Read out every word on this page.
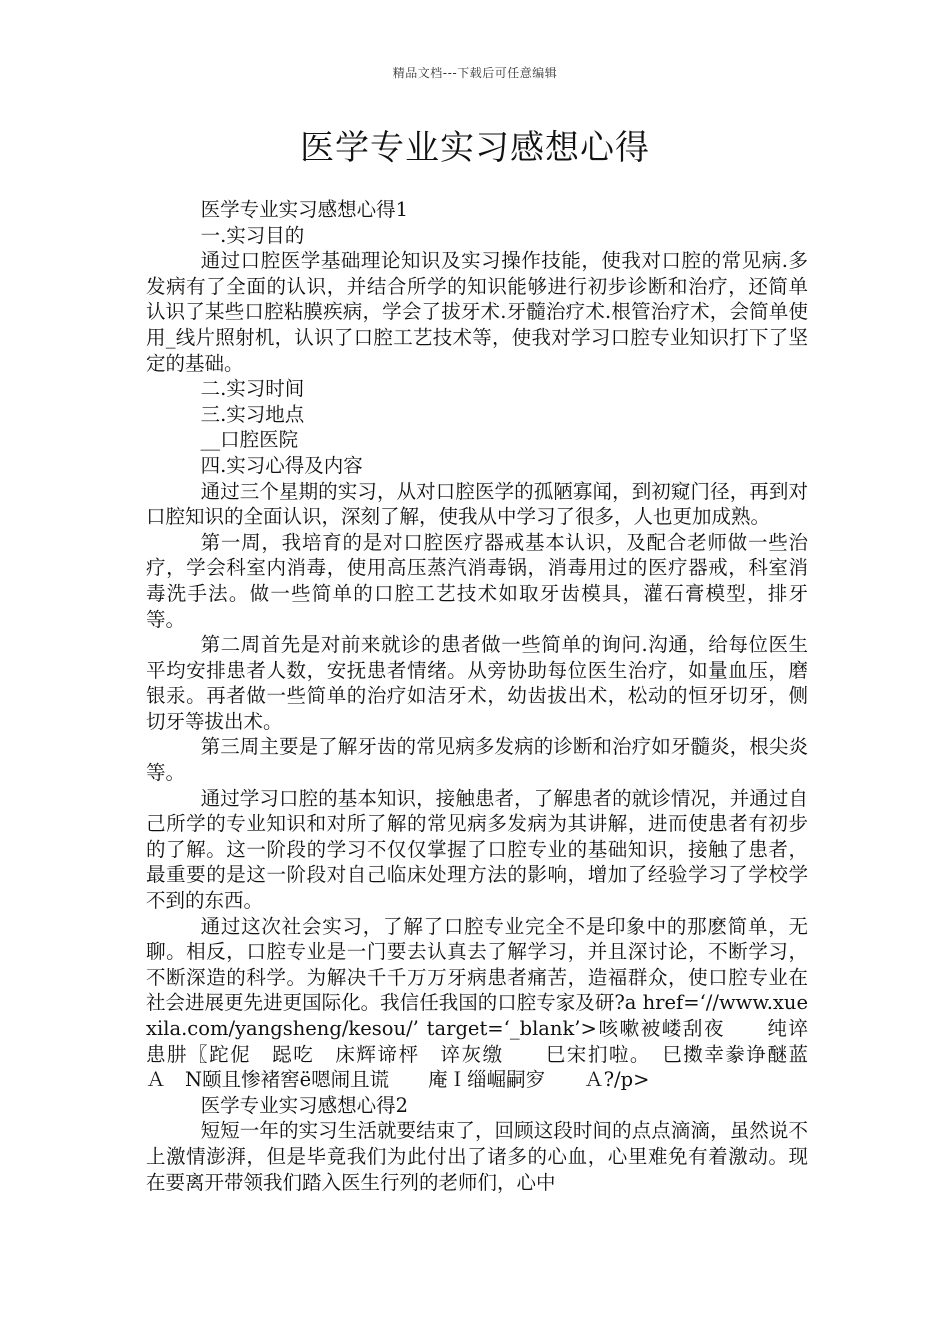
精品文档---下载后可任意编辑
医学专业实习感想心得

医学专业实习感想心得1

一.实习目的

通过口腔医学基础理论知识及实习操作技能，使我对口腔的常见病.多发病有了全面的认识，并结合所学的知识能够进行初步诊断和治疗，还简单认识了某些口腔粘膜疾病，学会了拔牙术.牙髓治疗术.根管治疗术，会简单使用_线片照射机，认识了口腔工艺技术等，使我对学习口腔专业知识打下了坚定的基础。

二.实习时间

三.实习地点

__口腔医院

四.实习心得及内容

通过三个星期的实习，从对口腔医学的孤陋寡闻，到初窥门径，再到对口腔知识的全面认识，深刻了解，使我从中学习了很多，人也更加成熟。

第一周，我培育的是对口腔医疗器戒基本认识，及配合老师做一些治疗，学会科室内消毒，使用高压蒸汽消毒锅，消毒用过的医疗器戒，科室消毒洗手法。做一些简单的口腔工艺技术如取牙齿模具，灌石膏模型，排牙等。

第二周首先是对前来就诊的患者做一些简单的询问.沟通，给每位医生平均安排患者人数，安抚患者情绪。从旁协助每位医生治疗，如量血压，磨银汞。再者做一些简单的治疗如洁牙术，幼齿拔出术，松动的恒牙切牙，侧切牙等拔出术。

第三周主要是了解牙齿的常见病多发病的诊断和治疗如牙髓炎，根尖炎等。

通过学习口腔的基本知识，接触患者，了解患者的就诊情况，并通过自己所学的专业知识和对所了解的常见病多发病为其讲解，进而使患者有初步的了解。这一阶段的学习不仅仅掌握了口腔专业的基础知识，接触了患者，最重要的是这一阶段对自己临床处理方法的影响，增加了经验学习了学校学不到的东西。

通过这次社会实习，了解了口腔专业完全不是印象中的那麽简单，无聊。相反，口腔专业是一门要去认真去了解学习，并且深讨论，不断学习，不断深造的科学。为解决千千万万牙病患者痛苦，造福群众，使口腔专业在社会进展更先进更国际化。我信任我国的口腔专家及研?a href=‘//www.xuexila.com/yangsheng/kesou/’ target=‘_blank’>咳嗽被嵝刮夜　　纯谇患肼〖跎伲　跽吃　床辉谛枰　谇灰缴　　巳宋扪啦。　巳擞幸豢诤醚蓝　　Ａ　Ν颐且惨褚窖ё嗯闹且谎　　庵Ｉ缁崛嗣穸　　Ａ?/p>

医学专业实习感想心得2

短短一年的实习生活就要结束了，回顾这段时间的点点滴滴，虽然说不上激情澎湃，但是毕竟我们为此付出了诸多的心血，心里难免有着激动。现在要离开带领我们踏入医生行列的老师们，心中
